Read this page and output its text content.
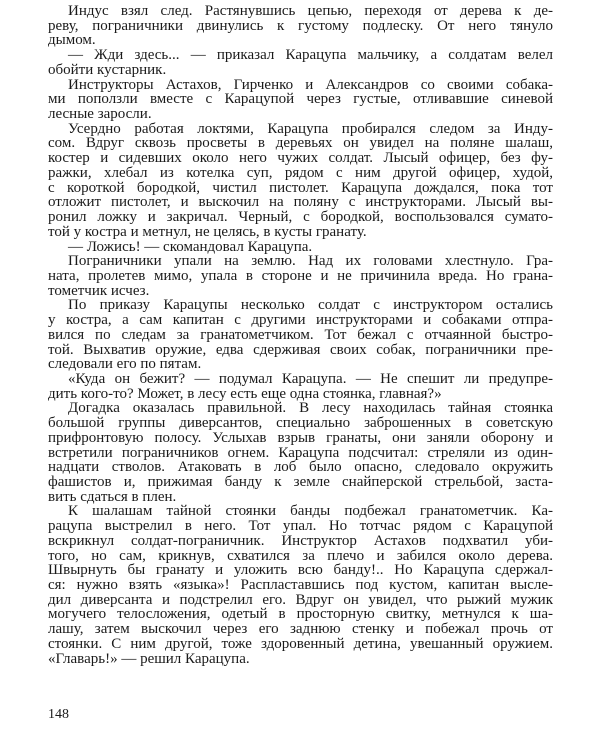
Индус взял след. Растянувшись цепью, переходя от дерева к де-
реву, пограничники двинулись к густому подлеску. От него тянуло
дымом.
— Жди здесь... — приказал Карацупа мальчику, а солдатам велел
обойти кустарник.
Инструкторы Астахов, Гирченко и Александров со своими собака-
ми поползли вместе с Карацупой через густые, отливавшие синевой
лесные заросли.
Усердно работая локтями, Карацупа пробирался следом за Инду-
сом. Вдруг сквозь просветы в деревьях он увидел на поляне шалаш,
костер и сидевших около него чужих солдат. Лысый офицер, без фу-
ражки, хлебал из котелка суп, рядом с ним другой офицер, худой,
с короткой бородкой, чистил пистолет. Карацупа дождался, пока тот
отложит пистолет, и выскочил на поляну с инструкторами. Лысый вы-
ронил ложку и закричал. Черный, с бородкой, воспользовался сумато-
той у костра и метнул, не целясь, в кусты гранату.
— Ложись! — скомандовал Карацупа.
Пограничники упали на землю. Над их головами хлестнуло. Гра-
ната, пролетев мимо, упала в стороне и не причинила вреда. Но грана-
тометчик исчез.
По приказу Карацупы несколько солдат с инструктором остались
у костра, а сам капитан с другими инструкторами и собаками отпра-
вился по следам за гранатометчиком. Тот бежал с отчаянной быстро-
той. Выхватив оружие, едва сдерживая своих собак, пограничники пре-
следовали его по пятам.
«Куда он бежит? — подумал Карацупа. — Не спешит ли предупре-
дить кого-то? Может, в лесу есть еще одна стоянка, главная?»
Догадка оказалась правильной. В лесу находилась тайная стоянка
большой группы диверсантов, специально заброшенных в советскую
прифронтовую полосу. Услыхав взрыв гранаты, они заняли оборону и
встретили пограничников огнем. Карацупа подсчитал: стреляли из один-
надцати стволов. Атаковать в лоб было опасно, следовало окружить
фашистов и, прижимая банду к земле снайперской стрельбой, заста-
вить сдаться в плен.
К шалашам тайной стоянки банды подбежал гранатометчик. Ка-
рацупа выстрелил в него. Тот упал. Но тотчас рядом с Карацупой
вскрикнул солдат-пограничник. Инструктор Астахов подхватил уби-
того, но сам, крикнув, схватился за плечо и забился около дерева.
Швырнуть бы гранату и уложить всю банду!.. Но Карацупа сдержал-
ся: нужно взять «языка»! Распластавшись под кустом, капитан высле-
дил диверсанта и подстрелил его. Вдруг он увидел, что рыжий мужик
могучего телосложения, одетый в просторную свитку, метнулся к ша-
лашу, затем выскочил через его заднюю стенку и побежал прочь от
стоянки. С ним другой, тоже здоровенный детина, увешанный оружием.
«Главарь!» — решил Карацупа.
148
